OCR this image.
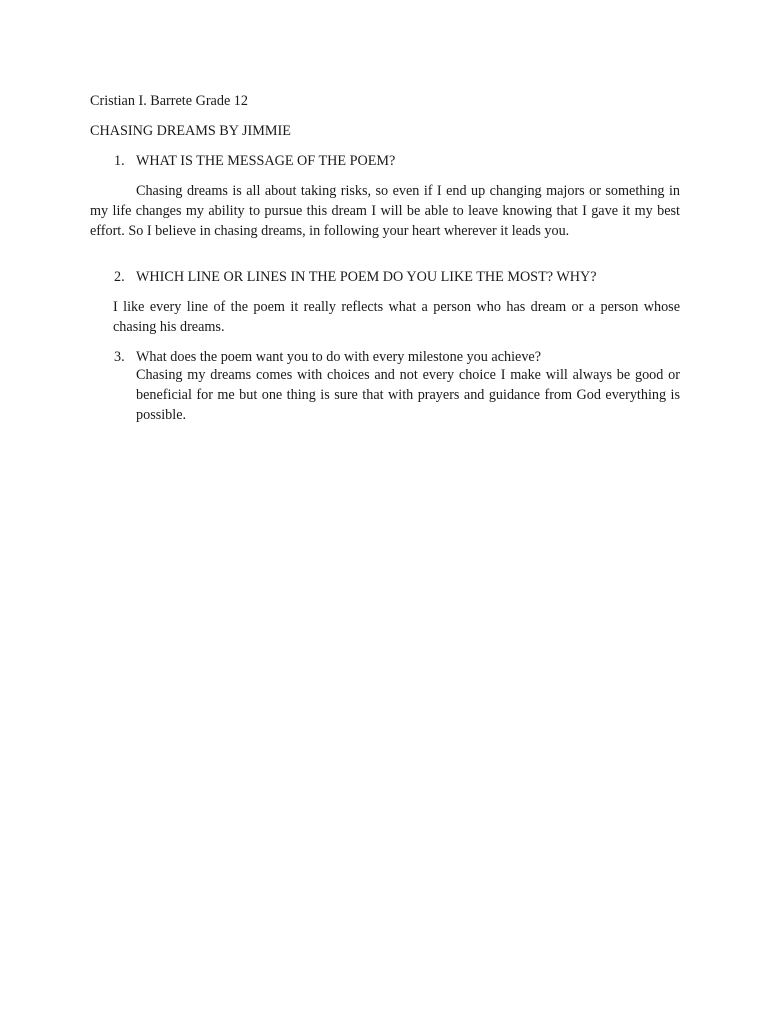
Cristian I. Barrete Grade 12

CHASING DREAMS BY JIMMIE

1. WHAT IS THE MESSAGE OF THE POEM?

Chasing dreams is all about taking risks, so even if I end up changing majors or something in my life changes my ability to pursue this dream I will be able to leave knowing that I gave it my best effort. So I believe in chasing dreams, in following your heart wherever it leads you.

2. WHICH LINE OR LINES IN THE POEM DO YOU LIKE THE MOST? WHY?

I like every line of the poem it really reflects what a person who has dream or a person whose chasing his dreams.

3. What does the poem want you to do with every milestone you achieve?

Chasing my dreams comes with choices and not every choice I make will always be good or beneficial for me but one thing is sure that with prayers and guidance from God everything is possible.
